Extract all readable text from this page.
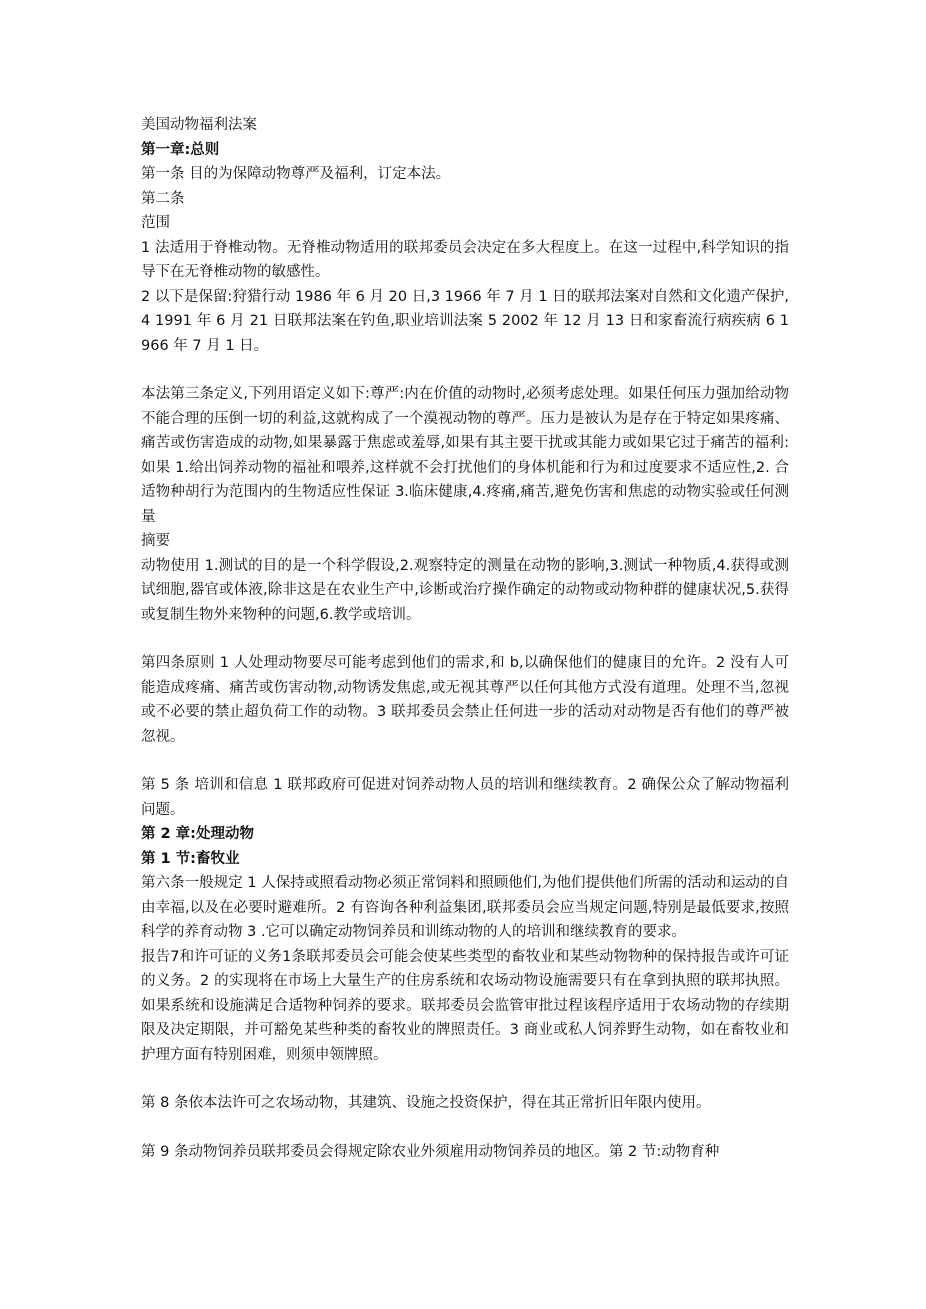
美国动物福利法案

第一章:总则

第一条 目的为保障动物尊严及福利，订定本法。

第二条

范围

1 法适用于脊椎动物。无脊椎动物适用的联邦委员会决定在多大程度上。在这一过程中,科学知识的指导下在无脊椎动物的敏感性。

2 以下是保留:狩猎行动 1986 年 6 月 20 日,3 1966 年 7 月 1 日的联邦法案对自然和文化遗产保护,4 1991 年 6 月 21 日联邦法案在钓鱼,职业培训法案 5 2002 年 12 月 13 日和家畜流行病疾病 6 1966 年 7 月 1 日。

本法第三条定义,下列用语定义如下:尊严:内在价值的动物时,必须考虑处理。如果任何压力强加给动物不能合理的压倒一切的利益,这就构成了一个漠视动物的尊严。压力是被认为是存在于特定如果疼痛、痛苦或伤害造成的动物,如果暴露于焦虑或羞辱,如果有其主要干扰或其能力或如果它过于痛苦的福利:如果 1.给出饲养动物的福祉和喂养,这样就不会打扰他们的身体机能和行为和过度要求不适应性,2. 合适物种胡行为范围内的生物适应性保证 3.临床健康,4.疼痛,痛苦,避免伤害和焦虑的动物实验或任何测量

摘要

动物使用 1.测试的目的是一个科学假设,2.观察特定的测量在动物的影响,3.测试一种物质,4.获得或测试细胞,器官或体液,除非这是在农业生产中,诊断或治疗操作确定的动物或动物种群的健康状况,5.获得或复制生物外来物种的问题,6.教学或培训。

第四条原则 1 人处理动物要尽可能考虑到他们的需求,和 b,以确保他们的健康目的允许。2 没有人可能造成疼痛、痛苦或伤害动物,动物诱发焦虑,或无视其尊严以任何其他方式没有道理。处理不当,忽视或不必要的禁止超负荷工作的动物。3 联邦委员会禁止任何进一步的活动对动物是否有他们的尊严被忽视。

第 5 条 培训和信息 1 联邦政府可促进对饲养动物人员的培训和继续教育。2 确保公众了解动物福利问题。

第 2 章:处理动物

第 1 节:畜牧业

第六条一般规定 1 人保持或照看动物必须正常饲料和照顾他们,为他们提供他们所需的活动和运动的自由幸福,以及在必要时避难所。2 有咨询各种利益集团,联邦委员会应当规定问题,特别是最低要求,按照科学的养育动物 3 .它可以确定动物饲养员和训练动物的人的培训和继续教育的要求。

报告7和许可证的义务1条联邦委员会可能会使某些类型的畜牧业和某些动物物种的保持报告或许可证的义务。2 的实现将在市场上大量生产的住房系统和农场动物设施需要只有在拿到执照的联邦执照。如果系统和设施满足合适物种饲养的要求。联邦委员会监管审批过程该程序适用于农场动物的存续期限及决定期限，并可豁免某些种类的畜牧业的牌照责任。3 商业或私人饲养野生动物，如在畜牧业和护理方面有特别困难，则须申领牌照。

第 8 条依本法许可之农场动物，其建筑、设施之投资保护，得在其正常折旧年限内使用。

第 9 条动物饲养员联邦委员会得规定除农业外须雇用动物饲养员的地区。第 2 节:动物育种
